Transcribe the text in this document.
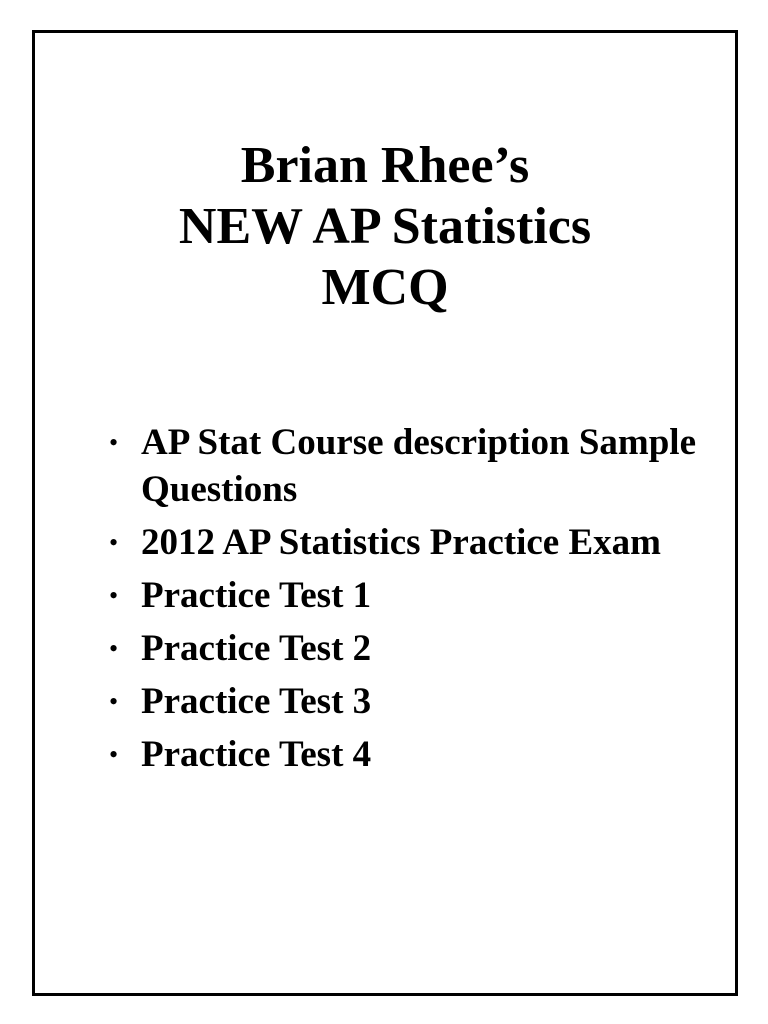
Brian Rhee’s
NEW AP Statistics
MCQ
• AP Stat Course description Sample Questions
• 2012 AP Statistics Practice Exam
• Practice Test 1
• Practice Test 2
• Practice Test 3
• Practice Test 4
